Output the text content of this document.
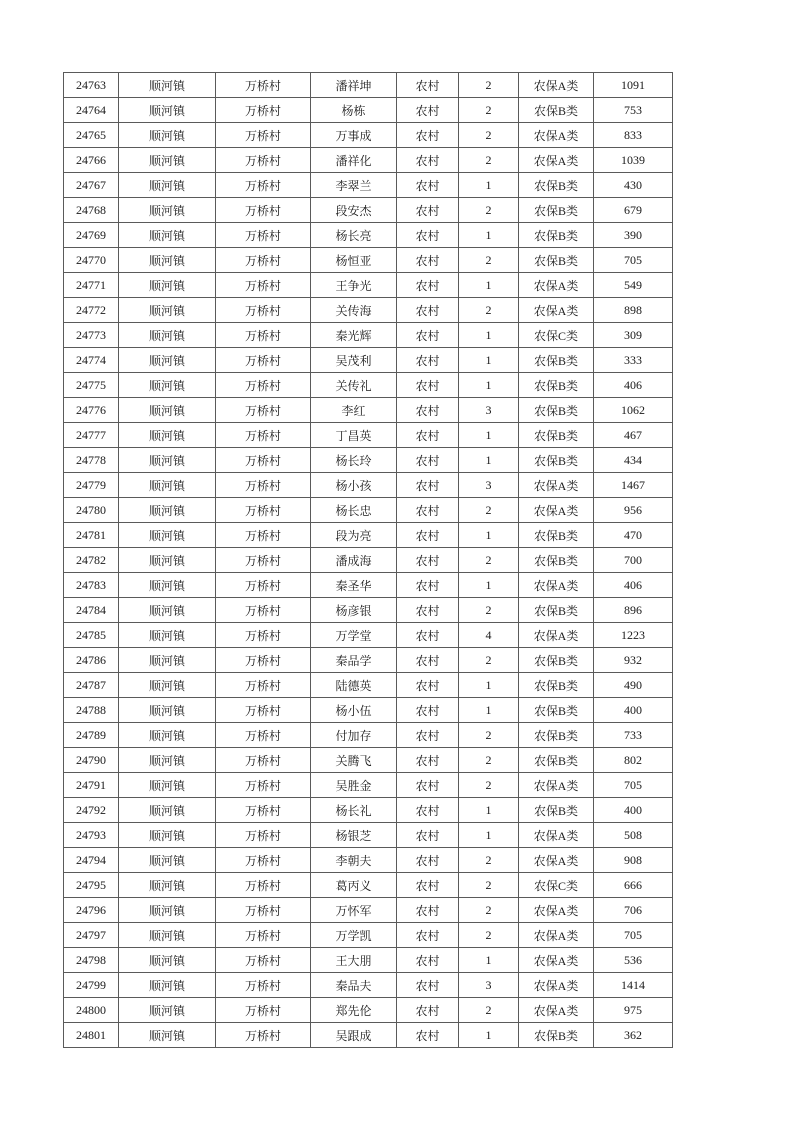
24763	顺河镇	万桥村	潘祥坤	农村	2	农保A类	1091
24764	顺河镇	万桥村	杨栋	农村	2	农保B类	753
24765	顺河镇	万桥村	万事成	农村	2	农保A类	833
24766	顺河镇	万桥村	潘祥化	农村	2	农保A类	1039
24767	顺河镇	万桥村	李翠兰	农村	1	农保B类	430
24768	顺河镇	万桥村	段安杰	农村	2	农保B类	679
24769	顺河镇	万桥村	杨长亮	农村	1	农保B类	390
24770	顺河镇	万桥村	杨恒亚	农村	2	农保B类	705
24771	顺河镇	万桥村	王争光	农村	1	农保A类	549
24772	顺河镇	万桥村	关传海	农村	2	农保A类	898
24773	顺河镇	万桥村	秦光辉	农村	1	农保C类	309
24774	顺河镇	万桥村	吴茂利	农村	1	农保B类	333
24775	顺河镇	万桥村	关传礼	农村	1	农保B类	406
24776	顺河镇	万桥村	李红	农村	3	农保B类	1062
24777	顺河镇	万桥村	丁昌英	农村	1	农保B类	467
24778	顺河镇	万桥村	杨长玲	农村	1	农保B类	434
24779	顺河镇	万桥村	杨小孩	农村	3	农保A类	1467
24780	顺河镇	万桥村	杨长忠	农村	2	农保A类	956
24781	顺河镇	万桥村	段为亮	农村	1	农保B类	470
24782	顺河镇	万桥村	潘成海	农村	2	农保B类	700
24783	顺河镇	万桥村	秦圣华	农村	1	农保A类	406
24784	顺河镇	万桥村	杨彦银	农村	2	农保B类	896
24785	顺河镇	万桥村	万学堂	农村	4	农保A类	1223
24786	顺河镇	万桥村	秦品学	农村	2	农保B类	932
24787	顺河镇	万桥村	陆德英	农村	1	农保B类	490
24788	顺河镇	万桥村	杨小伍	农村	1	农保B类	400
24789	顺河镇	万桥村	付加存	农村	2	农保B类	733
24790	顺河镇	万桥村	关腾飞	农村	2	农保B类	802
24791	顺河镇	万桥村	吴胜金	农村	2	农保A类	705
24792	顺河镇	万桥村	杨长礼	农村	1	农保B类	400
24793	顺河镇	万桥村	杨银芝	农村	1	农保A类	508
24794	顺河镇	万桥村	李朝夫	农村	2	农保A类	908
24795	顺河镇	万桥村	葛丙义	农村	2	农保C类	666
24796	顺河镇	万桥村	万怀军	农村	2	农保A类	706
24797	顺河镇	万桥村	万学凯	农村	2	农保A类	705
24798	顺河镇	万桥村	王大朋	农村	1	农保A类	536
24799	顺河镇	万桥村	秦品夫	农村	3	农保A类	1414
24800	顺河镇	万桥村	郑先伦	农村	2	农保A类	975
24801	顺河镇	万桥村	吴跟成	农村	1	农保B类	362
